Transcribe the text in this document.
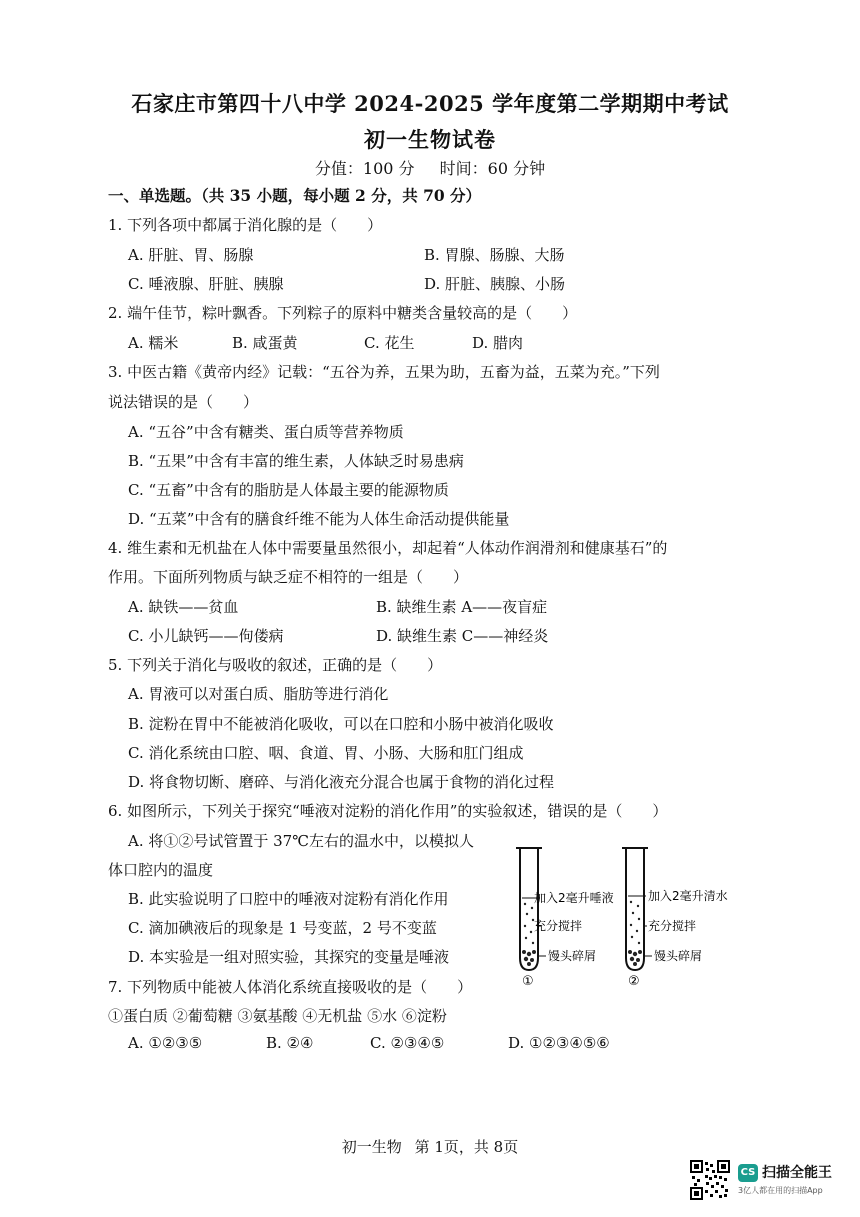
石家庄市第四十八中学 2024-2025 学年度第二学期期中考试
初一生物试卷
分值：100 分 时间：60 分钟
一、单选题。（共 35 小题，每小题 2 分，共 70 分）
1. 下列各项中都属于消化腺的是（　　）
A. 肝脏、胃、肠腺	B. 胃腺、肠腺、大肠
C. 唾液腺、肝脏、胰腺	D. 肝脏、胰腺、小肠
2. 端午佳节，粽叶飘香。下列粽子的原料中糖类含量较高的是（　　）
A. 糯米	B. 咸蛋黄	C. 花生	D. 腊肉
3. 中医古籍《黄帝内经》记载：“五谷为养，五果为助，五畜为益，五菜为充。”下列
说法错误的是（　　）
A. “五谷”中含有糖类、蛋白质等营养物质
B. “五果”中含有丰富的维生素，人体缺乏时易患病
C. “五畜”中含有的脂肪是人体最主要的能源物质
D. “五菜”中含有的膳食纤维不能为人体生命活动提供能量
4. 维生素和无机盐在人体中需要量虽然很小，却起着“人体动作润滑剂和健康基石”的
作用。下面所列物质与缺乏症不相符的一组是（　　）
A. 缺铁——贫血	B. 缺维生素 A——夜盲症
C. 小儿缺钙——佝偻病	D. 缺维生素 C——神经炎
5. 下列关于消化与吸收的叙述，正确的是（　　）
A. 胃液可以对蛋白质、脂肪等进行消化
B. 淀粉在胃中不能被消化吸收，可以在口腔和小肠中被消化吸收
C. 消化系统由口腔、咽、食道、胃、小肠、大肠和肛门组成
D. 将食物切断、磨碎、与消化液充分混合也属于食物的消化过程
6. 如图所示，下列关于探究“唾液对淀粉的消化作用”的实验叙述，错误的是（　　）
A. 将①②号试管置于 37℃左右的温水中，以模拟人
体口腔内的温度
B. 此实验说明了口腔中的唾液对淀粉有消化作用
C. 滴加碘液后的现象是 1 号变蓝，2 号不变蓝
D. 本实验是一组对照实验，其探究的变量是唾液
加入2毫升唾液
充分搅拌
馒头碎屑
①
加入2毫升清水
充分搅拌
馒头碎屑
②
7. 下列物质中能被人体消化系统直接吸收的是（　　）
①蛋白质 ②葡萄糖 ③氨基酸 ④无机盐 ⑤水 ⑥淀粉
A. ①②③⑤	B. ②④	C. ②③④⑤	D. ①②③④⑤⑥
初一生物 第 1页，共 8页
CS 扫描全能王
3亿人都在用的扫描App
